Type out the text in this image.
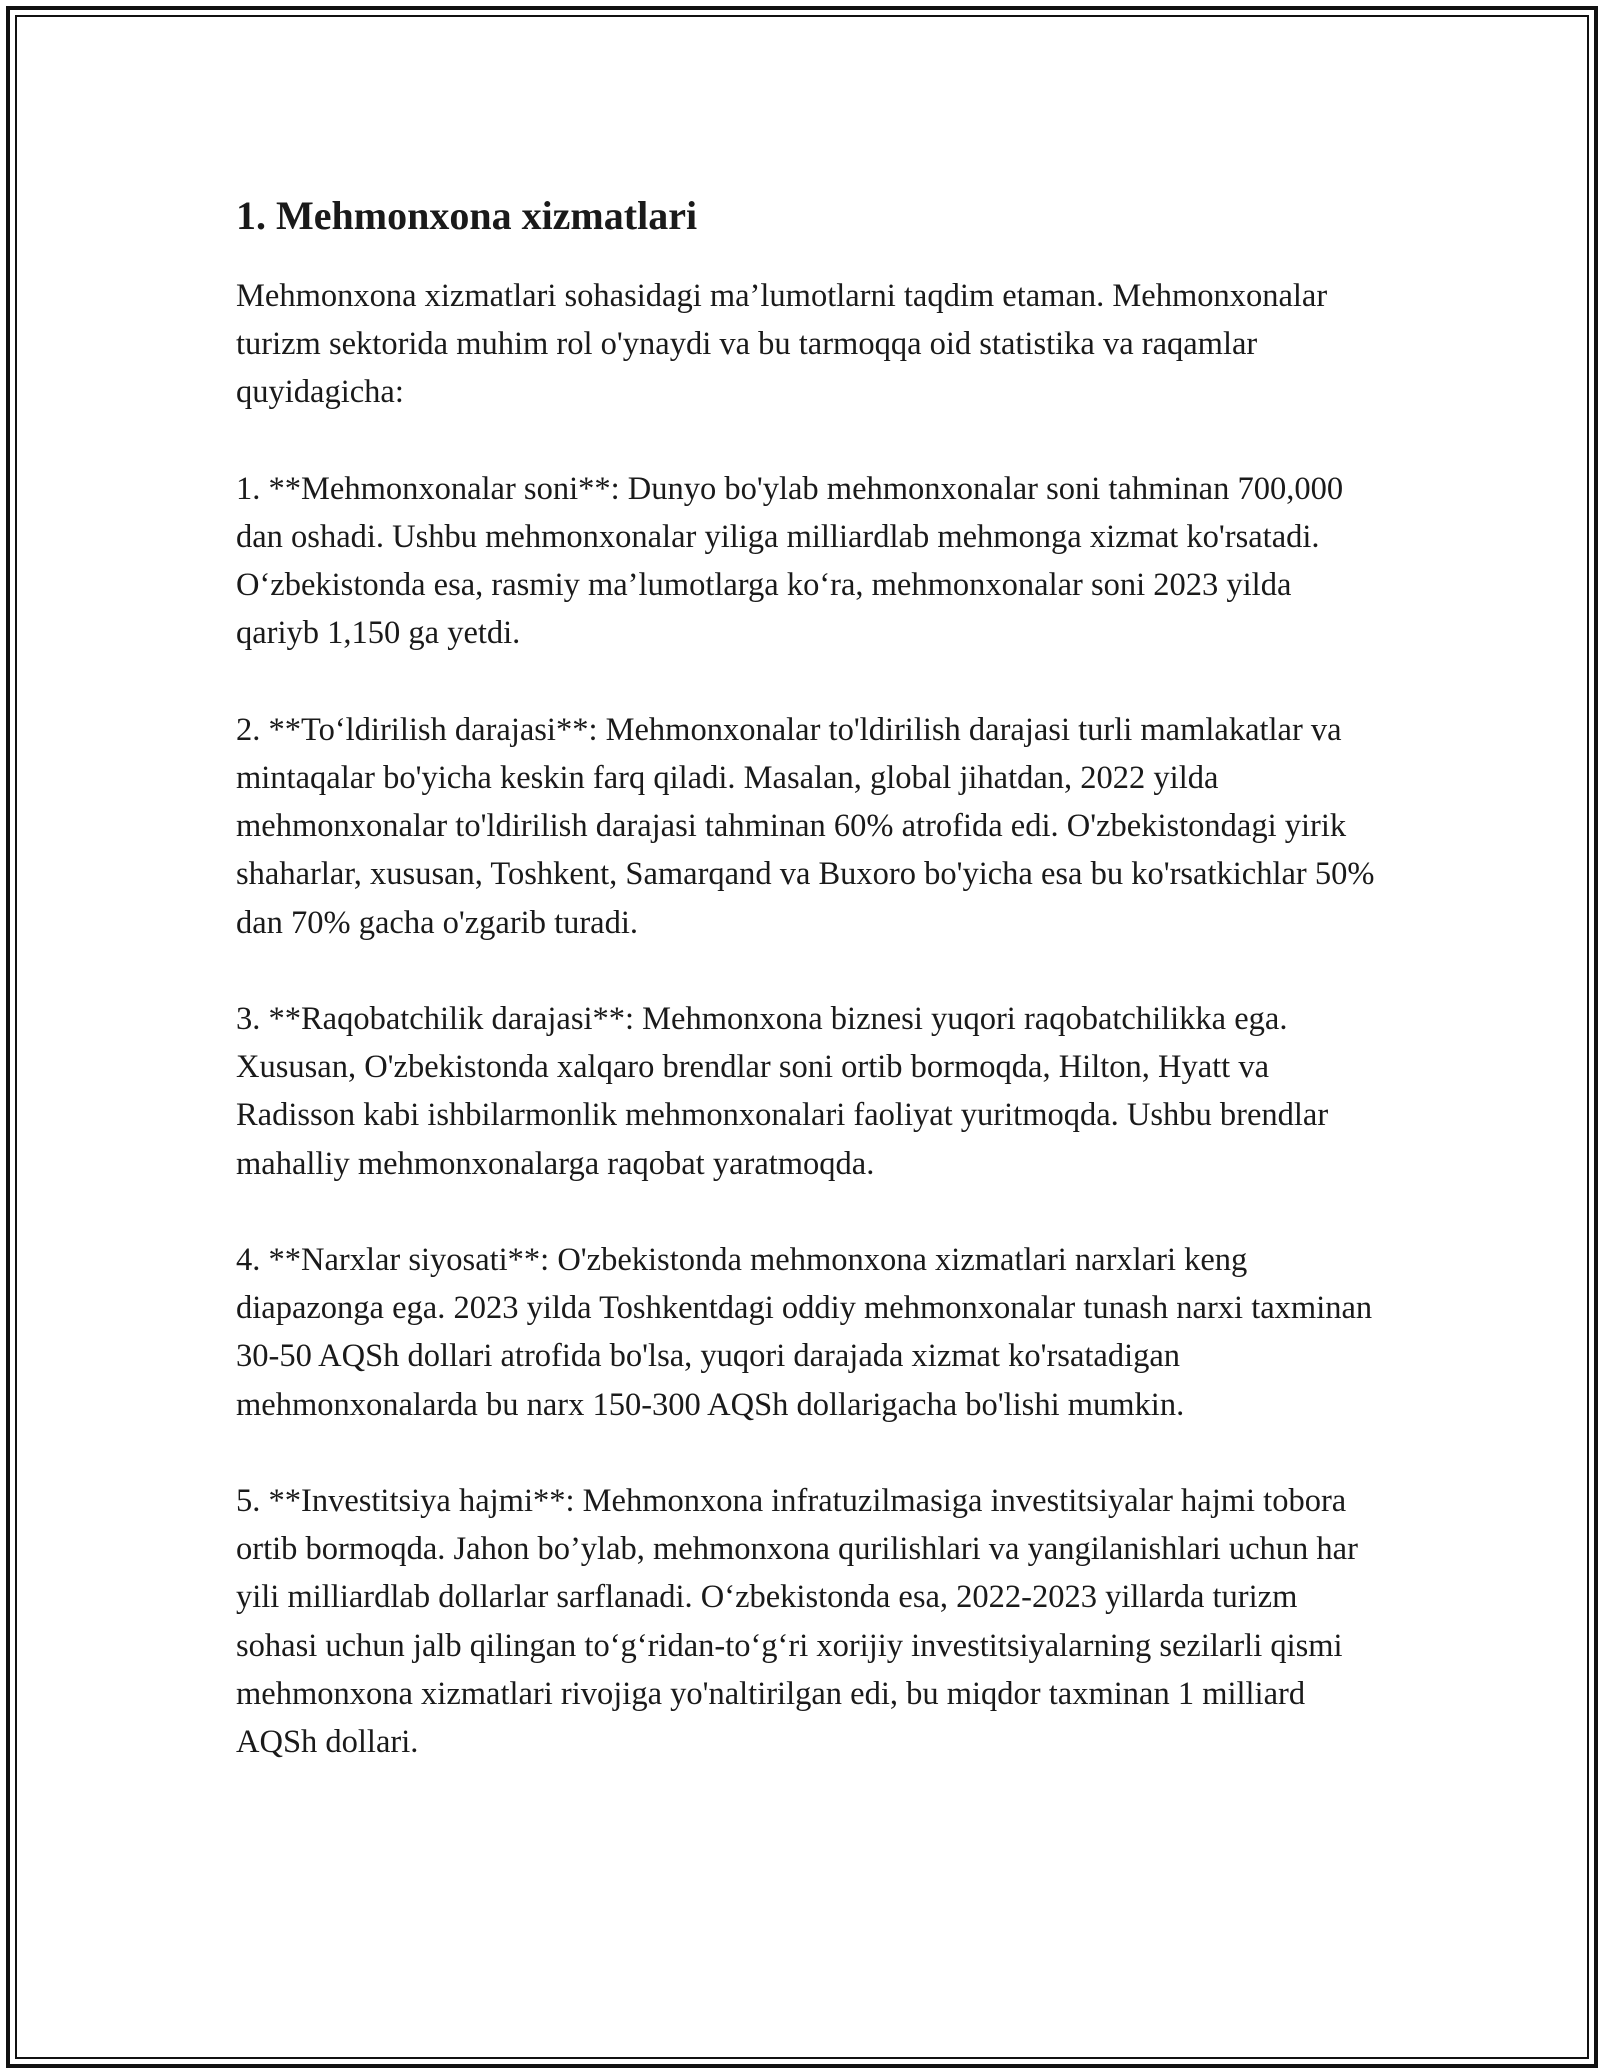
1. Mehmonxona xizmatlari

Mehmonxona xizmatlari sohasidagi ma’lumotlarni taqdim etaman. Mehmonxonalar turizm sektorida muhim rol o'ynaydi va bu tarmoqqa oid statistika va raqamlar quyidagicha:

1. **Mehmonxonalar soni**: Dunyo bo'ylab mehmonxonalar soni tahminan 700,000 dan oshadi. Ushbu mehmonxonalar yiliga milliardlab mehmonga xizmat ko'rsatadi. O‘zbekistonda esa, rasmiy ma’lumotlarga ko‘ra, mehmonxonalar soni 2023 yilda qariyb 1,150 ga yetdi.

2. **To‘ldirilish darajasi**: Mehmonxonalar to'ldirilish darajasi turli mamlakatlar va mintaqalar bo'yicha keskin farq qiladi. Masalan, global jihatdan, 2022 yilda mehmonxonalar to'ldirilish darajasi tahminan 60% atrofida edi. O'zbekistondagi yirik shaharlar, xususan, Toshkent, Samarqand va Buxoro bo'yicha esa bu ko'rsatkichlar 50% dan 70% gacha o'zgarib turadi.

3. **Raqobatchilik darajasi**: Mehmonxona biznesi yuqori raqobatchilikka ega. Xususan, O'zbekistonda xalqaro brendlar soni ortib bormoqda, Hilton, Hyatt va Radisson kabi ishbilarmonlik mehmonxonalari faoliyat yuritmoqda. Ushbu brendlar mahalliy mehmonxonalarga raqobat yaratmoqda.

4. **Narxlar siyosati**: O'zbekistonda mehmonxona xizmatlari narxlari keng diapazonga ega. 2023 yilda Toshkentdagi oddiy mehmonxonalar tunash narxi taxminan 30-50 AQSh dollari atrofida bo'lsa, yuqori darajada xizmat ko'rsatadigan mehmonxonalarda bu narx 150-300 AQSh dollarigacha bo'lishi mumkin.

5. **Investitsiya hajmi**: Mehmonxona infratuzilmasiga investitsiyalar hajmi tobora ortib bormoqda. Jahon bo’ylab, mehmonxona qurilishlari va yangilanishlari uchun har yili milliardlab dollarlar sarflanadi. O‘zbekistonda esa, 2022-2023 yillarda turizm sohasi uchun jalb qilingan to‘g‘ridan-to‘g‘ri xorijiy investitsiyalarning sezilarli qismi mehmonxona xizmatlari rivojiga yo'naltirilgan edi, bu miqdor taxminan 1 milliard AQSh dollari.
